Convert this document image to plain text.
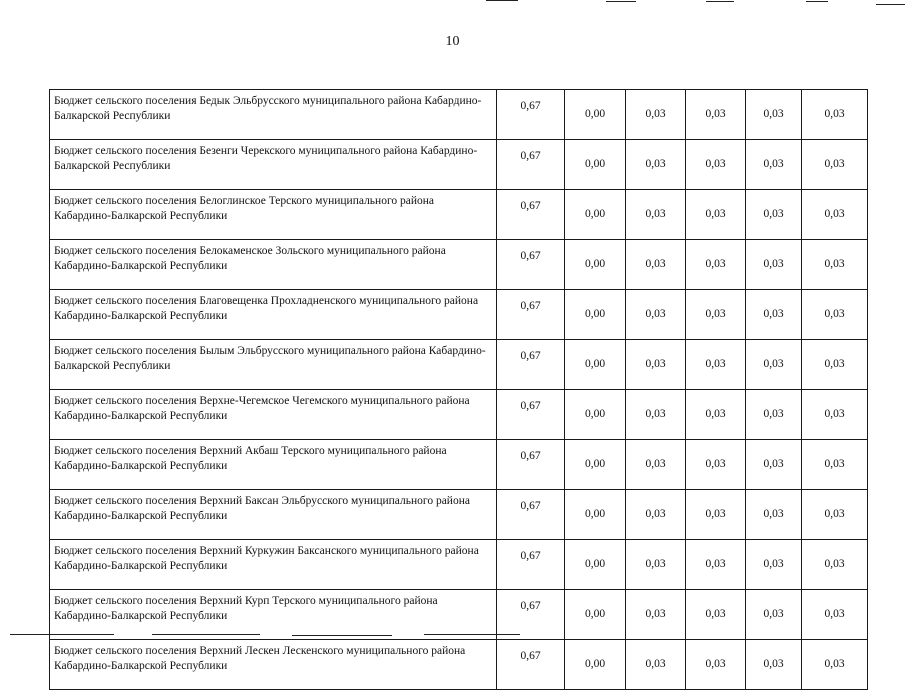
10
Бюджет сельского поселения Бедык Эльбрусского муниципального района Кабардино-Балкарской Республики	0,67	0,00	0,03	0,03	0,03	0,03
Бюджет сельского поселения Безенги Черекского муниципального района Кабардино-Балкарской Республики	0,67	0,00	0,03	0,03	0,03	0,03
Бюджет сельского поселения Белоглинское Терского муниципального района Кабардино-Балкарской Республики	0,67	0,00	0,03	0,03	0,03	0,03
Бюджет сельского поселения Белокаменское Зольского муниципального района Кабардино-Балкарской Республики	0,67	0,00	0,03	0,03	0,03	0,03
Бюджет сельского поселения Благовещенка Прохладненского муниципального района Кабардино-Балкарской Республики	0,67	0,00	0,03	0,03	0,03	0,03
Бюджет сельского поселения Былым Эльбрусского муниципального района Кабардино-Балкарской Республики	0,67	0,00	0,03	0,03	0,03	0,03
Бюджет сельского поселения Верхне-Чегемское Чегемского муниципального района Кабардино-Балкарской Республики	0,67	0,00	0,03	0,03	0,03	0,03
Бюджет сельского поселения Верхний Акбаш Терского муниципального района Кабардино-Балкарской Республики	0,67	0,00	0,03	0,03	0,03	0,03
Бюджет сельского поселения Верхний Баксан Эльбрусского муниципального района Кабардино-Балкарской Республики	0,67	0,00	0,03	0,03	0,03	0,03
Бюджет сельского поселения Верхний Куркужин Баксанского муниципального района Кабардино-Балкарской Республики	0,67	0,00	0,03	0,03	0,03	0,03
Бюджет сельского поселения Верхний Курп Терского муниципального района Кабардино-Балкарской Республики	0,67	0,00	0,03	0,03	0,03	0,03
Бюджет сельского поселения Верхний Лескен Лескенского муниципального района Кабардино-Балкарской Республики	0,67	0,00	0,03	0,03	0,03	0,03
